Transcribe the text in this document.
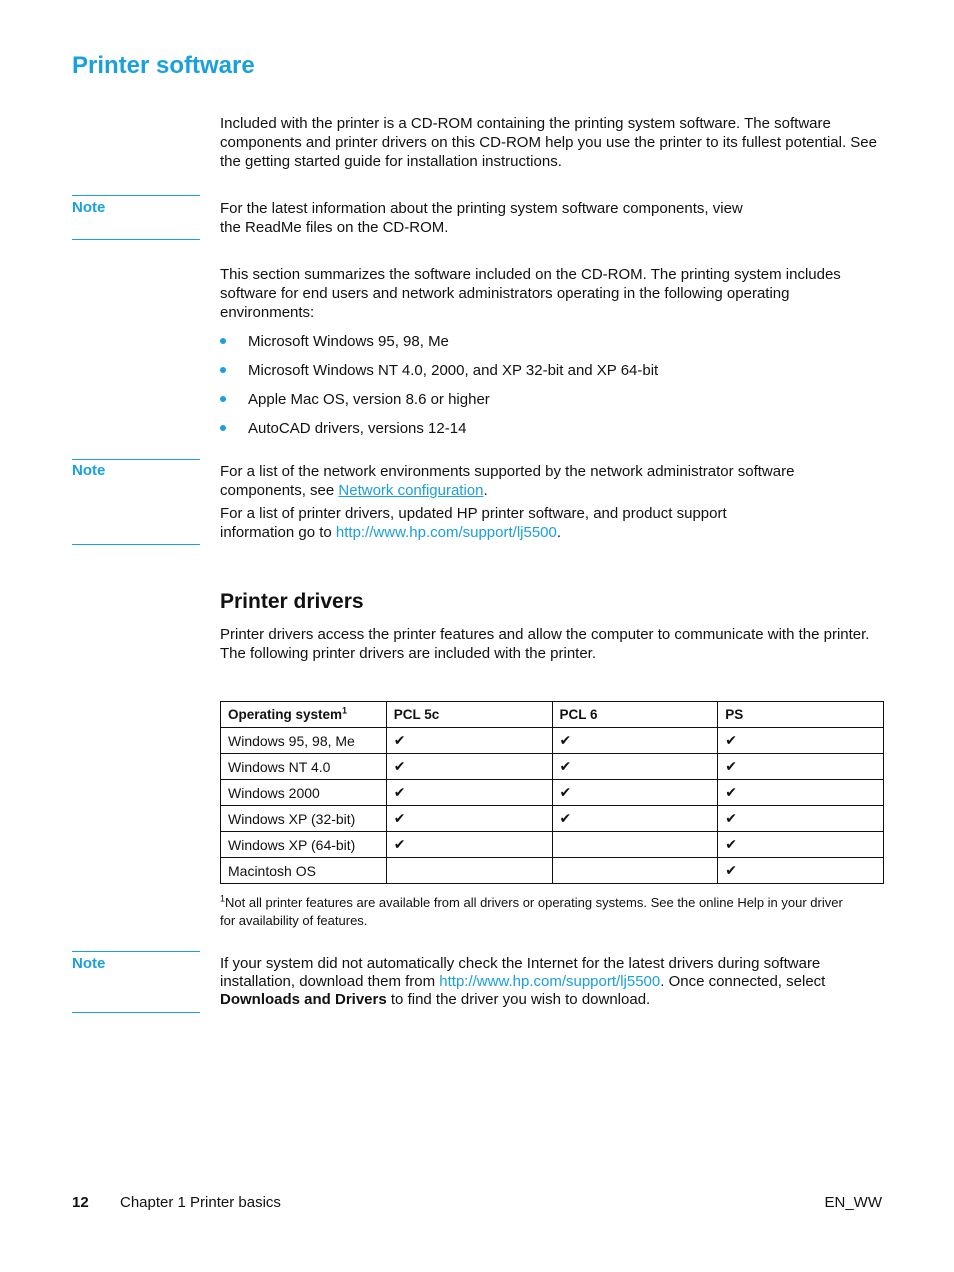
Printer software
Included with the printer is a CD-ROM containing the printing system software. The software components and printer drivers on this CD-ROM help you use the printer to its fullest potential. See the getting started guide for installation instructions.
Note	For the latest information about the printing system software components, view the ReadMe files on the CD-ROM.
This section summarizes the software included on the CD-ROM. The printing system includes software for end users and network administrators operating in the following operating environments:
Microsoft Windows 95, 98, Me
Microsoft Windows NT 4.0, 2000, and XP 32-bit and XP 64-bit
Apple Mac OS, version 8.6 or higher
AutoCAD drivers, versions 12-14
Note	For a list of the network environments supported by the network administrator software components, see Network configuration.
For a list of printer drivers, updated HP printer software, and product support information go to http://www.hp.com/support/lj5500.
Printer drivers
Printer drivers access the printer features and allow the computer to communicate with the printer. The following printer drivers are included with the printer.
Operating system$^1$	PCL 5c	PCL 6	PS
Windows 95, 98, Me	✔	✔	✔
Windows NT 4.0	✔	✔	✔
Windows 2000	✔	✔	✔
Windows XP (32-bit)	✔	✔	✔
Windows XP (64-bit)	✔		✔
Macintosh OS			✔
$^1$Not all printer features are available from all drivers or operating systems. See the online Help in your driver for availability of features.
Note	If your system did not automatically check the Internet for the latest drivers during software installation, download them from http://www.hp.com/support/lj5500. Once connected, select Downloads and Drivers to find the driver you wish to download.
12 Chapter 1 Printer basics	EN_WW
